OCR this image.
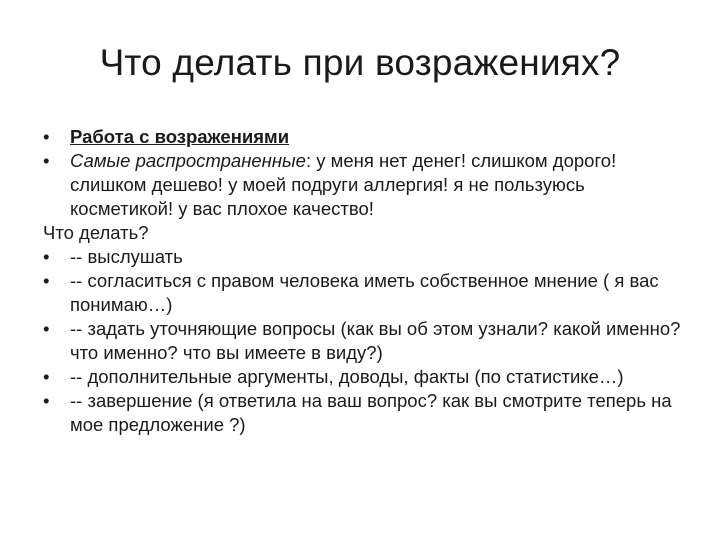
Что делать при возражениях?

• Работа с возражениями

• Самые распространенные: у меня нет денег! слишком дорого! слишком дешево! у моей подруги аллергия! я не пользуюсь косметикой! у вас плохое качество!

Что делать?

• -- выслушать

• -- согласиться с правом человека иметь собственное мнение ( я вас понимаю…)

• -- задать уточняющие вопросы (как вы об этом узнали? какой именно? что именно? что вы имеете в виду?)

• -- дополнительные аргументы, доводы, факты (по статистике…)

• -- завершение (я ответила на ваш вопрос? как вы смотрите теперь на мое предложение ?)
